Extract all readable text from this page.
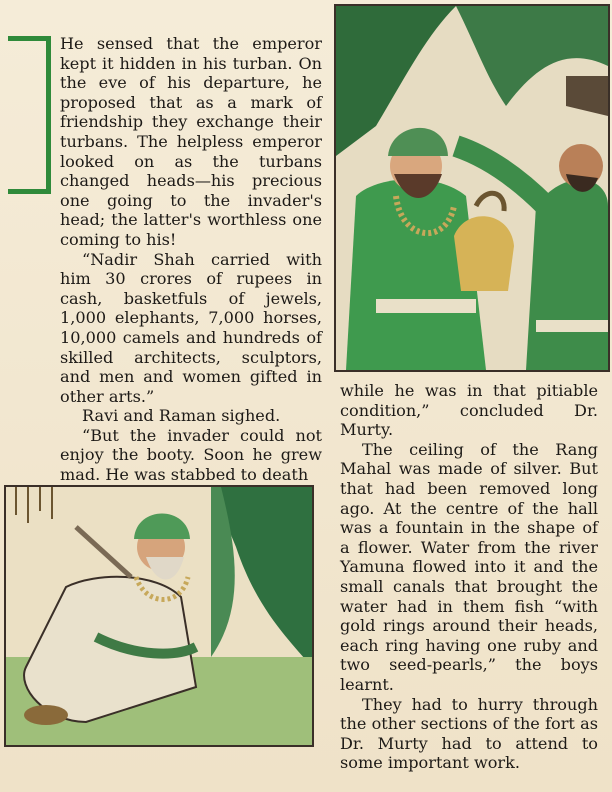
He sensed that the emperor kept it hidden in his turban. On the eve of his departure, he proposed that as a mark of friendship they exchange their turbans. The helpless emperor looked on as the turbans changed heads—his precious one going to the invader's head; the latter's worthless one coming to his!

“Nadir Shah carried with him 30 crores of rupees in cash, basketfuls of jewels, 1,000 elephants, 7,000 horses, 10,000 camels and hundreds of skilled architects, sculptors, and men and women gifted in other arts.”

Ravi and Raman sighed.

“But the invader could not enjoy the booty. Soon he grew mad. He was stabbed to death

while he was in that pitiable condition,” concluded Dr. Murty.

The ceiling of the Rang Mahal was made of silver. But that had been removed long ago. At the centre of the hall was a fountain in the shape of a flower. Water from the river Yamuna flowed into it and the small canals that brought the water had in them fish “with gold rings around their heads, each ring having one ruby and two seed-pearls,” the boys learnt.

They had to hurry through the other sections of the fort as Dr. Murty had to attend to some important work.
